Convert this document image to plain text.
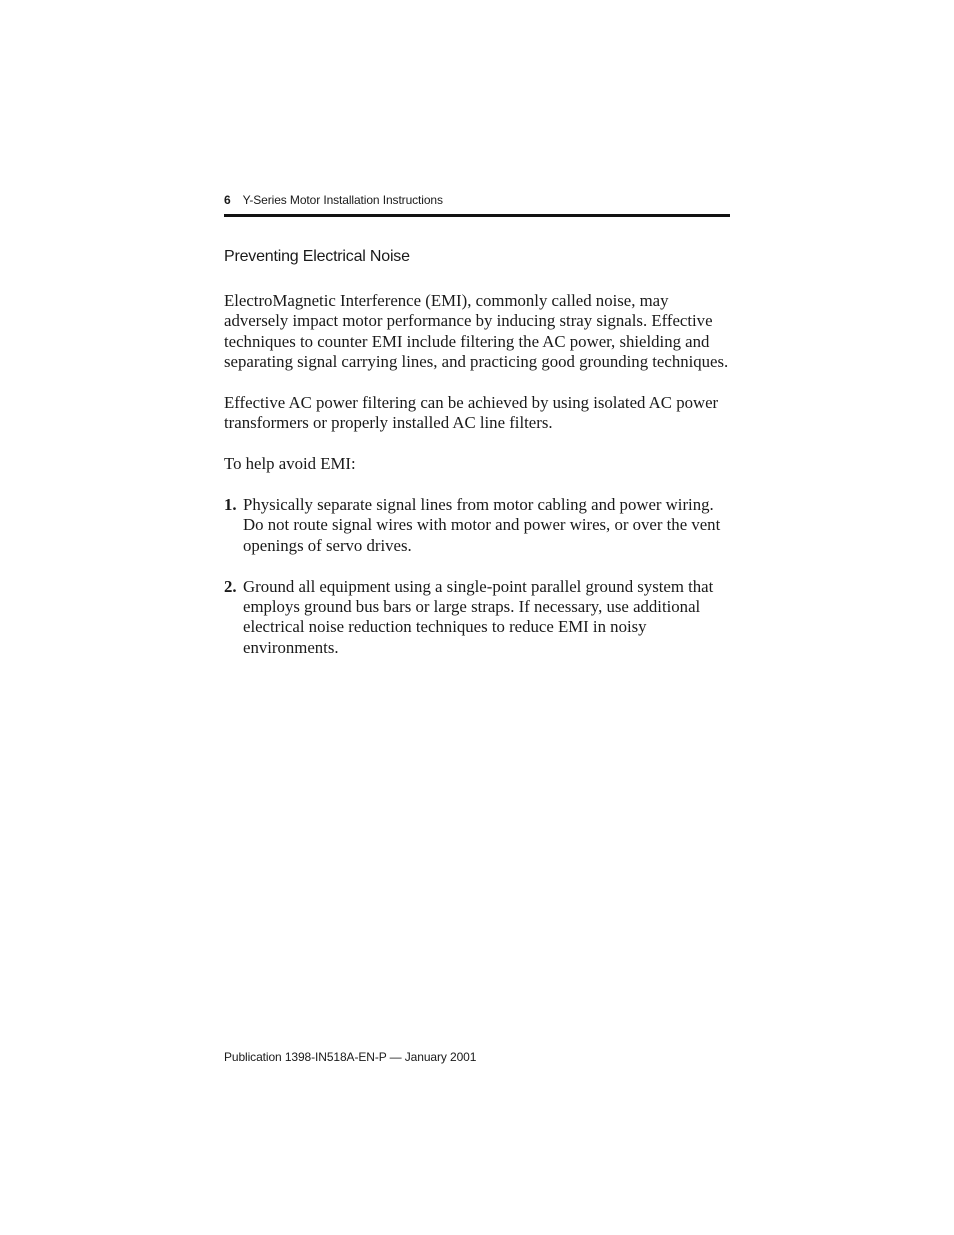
6 Y-Series Motor Installation Instructions
Preventing Electrical Noise

ElectroMagnetic Interference (EMI), commonly called noise, may adversely impact motor performance by inducing stray signals. Effective techniques to counter EMI include filtering the AC power, shielding and separating signal carrying lines, and practicing good grounding techniques.

Effective AC power filtering can be achieved by using isolated AC power transformers or properly installed AC line filters.

To help avoid EMI:

1. Physically separate signal lines from motor cabling and power wiring. Do not route signal wires with motor and power wires, or over the vent openings of servo drives.
2. Ground all equipment using a single-point parallel ground system that employs ground bus bars or large straps. If necessary, use additional electrical noise reduction techniques to reduce EMI in noisy environments.
Publication 1398-IN518A-EN-P — January 2001
